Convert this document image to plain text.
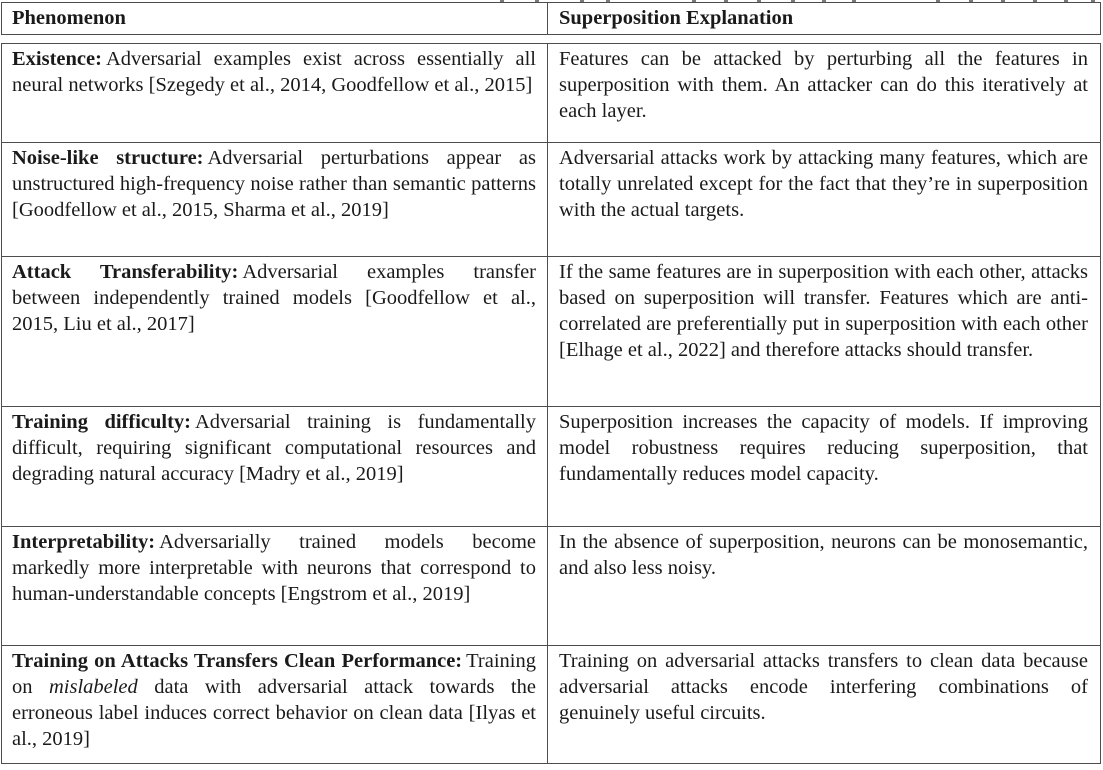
Phenomenon	Superposition Explanation
Existence: Adversarial examples exist across essentially all neural networks [Szegedy et al., 2014, Goodfellow et al., 2015]
Features can be attacked by perturbing all the features in superposition with them. An attacker can do this iteratively at each layer.
Noise-like structure: Adversarial perturbations appear as unstructured high-frequency noise rather than semantic patterns [Goodfellow et al., 2015, Sharma et al., 2019]
Adversarial attacks work by attacking many features, which are totally unrelated except for the fact that they’re in superposition with the actual targets.
Attack Transferability: Adversarial examples transfer between independently trained models [Goodfellow et al., 2015, Liu et al., 2017]
If the same features are in superposition with each other, attacks based on superposition will transfer. Features which are anti-correlated are preferentially put in superposition with each other [Elhage et al., 2022] and therefore attacks should transfer.
Training difficulty: Adversarial training is fundamentally difficult, requiring significant computational resources and degrading natural accuracy [Madry et al., 2019]
Superposition increases the capacity of models. If improving model robustness requires reducing superposition, that fundamentally reduces model capacity.
Interpretability: Adversarially trained models become markedly more interpretable with neurons that correspond to human-understandable concepts [Engstrom et al., 2019]
In the absence of superposition, neurons can be monosemantic, and also less noisy.
Training on Attacks Transfers Clean Performance: Training on mislabeled data with adversarial attack towards the erroneous label induces correct behavior on clean data [Ilyas et al., 2019]
Training on adversarial attacks transfers to clean data because adversarial attacks encode interfering combinations of genuinely useful circuits.
